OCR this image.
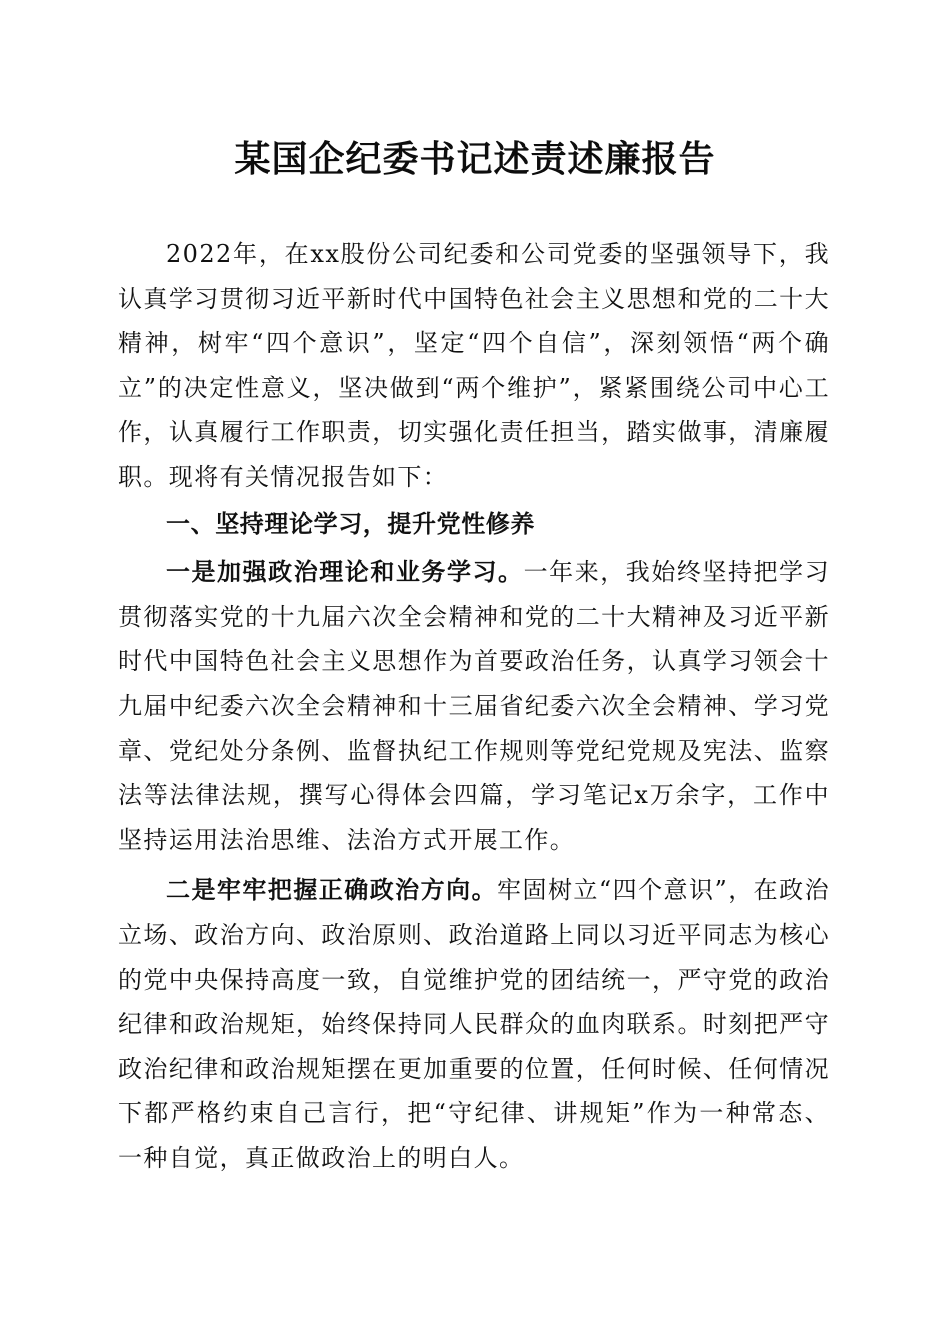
某国企纪委书记述责述廉报告

2022年，在xx股份公司纪委和公司党委的坚强领导下，我认真学习贯彻习近平新时代中国特色社会主义思想和党的二十大精神，树牢“四个意识”，坚定“四个自信”，深刻领悟“两个确立”的决定性意义，坚决做到“两个维护”，紧紧围绕公司中心工作，认真履行工作职责，切实强化责任担当，踏实做事，清廉履职。现将有关情况报告如下：

一、坚持理论学习，提升党性修养

一是加强政治理论和业务学习。一年来，我始终坚持把学习贯彻落实党的十九届六次全会精神和党的二十大精神及习近平新时代中国特色社会主义思想作为首要政治任务，认真学习领会十九届中纪委六次全会精神和十三届省纪委六次全会精神、学习党章、党纪处分条例、监督执纪工作规则等党纪党规及宪法、监察法等法律法规，撰写心得体会四篇，学习笔记x万余字，工作中坚持运用法治思维、法治方式开展工作。

二是牢牢把握正确政治方向。牢固树立“四个意识”，在政治立场、政治方向、政治原则、政治道路上同以习近平同志为核心的党中央保持高度一致，自觉维护党的团结统一，严守党的政治纪律和政治规矩，始终保持同人民群众的血肉联系。时刻把严守政治纪律和政治规矩摆在更加重要的位置，任何时候、任何情况下都严格约束自己言行，把“守纪律、讲规矩”作为一种常态、一种自觉，真正做政治上的明白人。
